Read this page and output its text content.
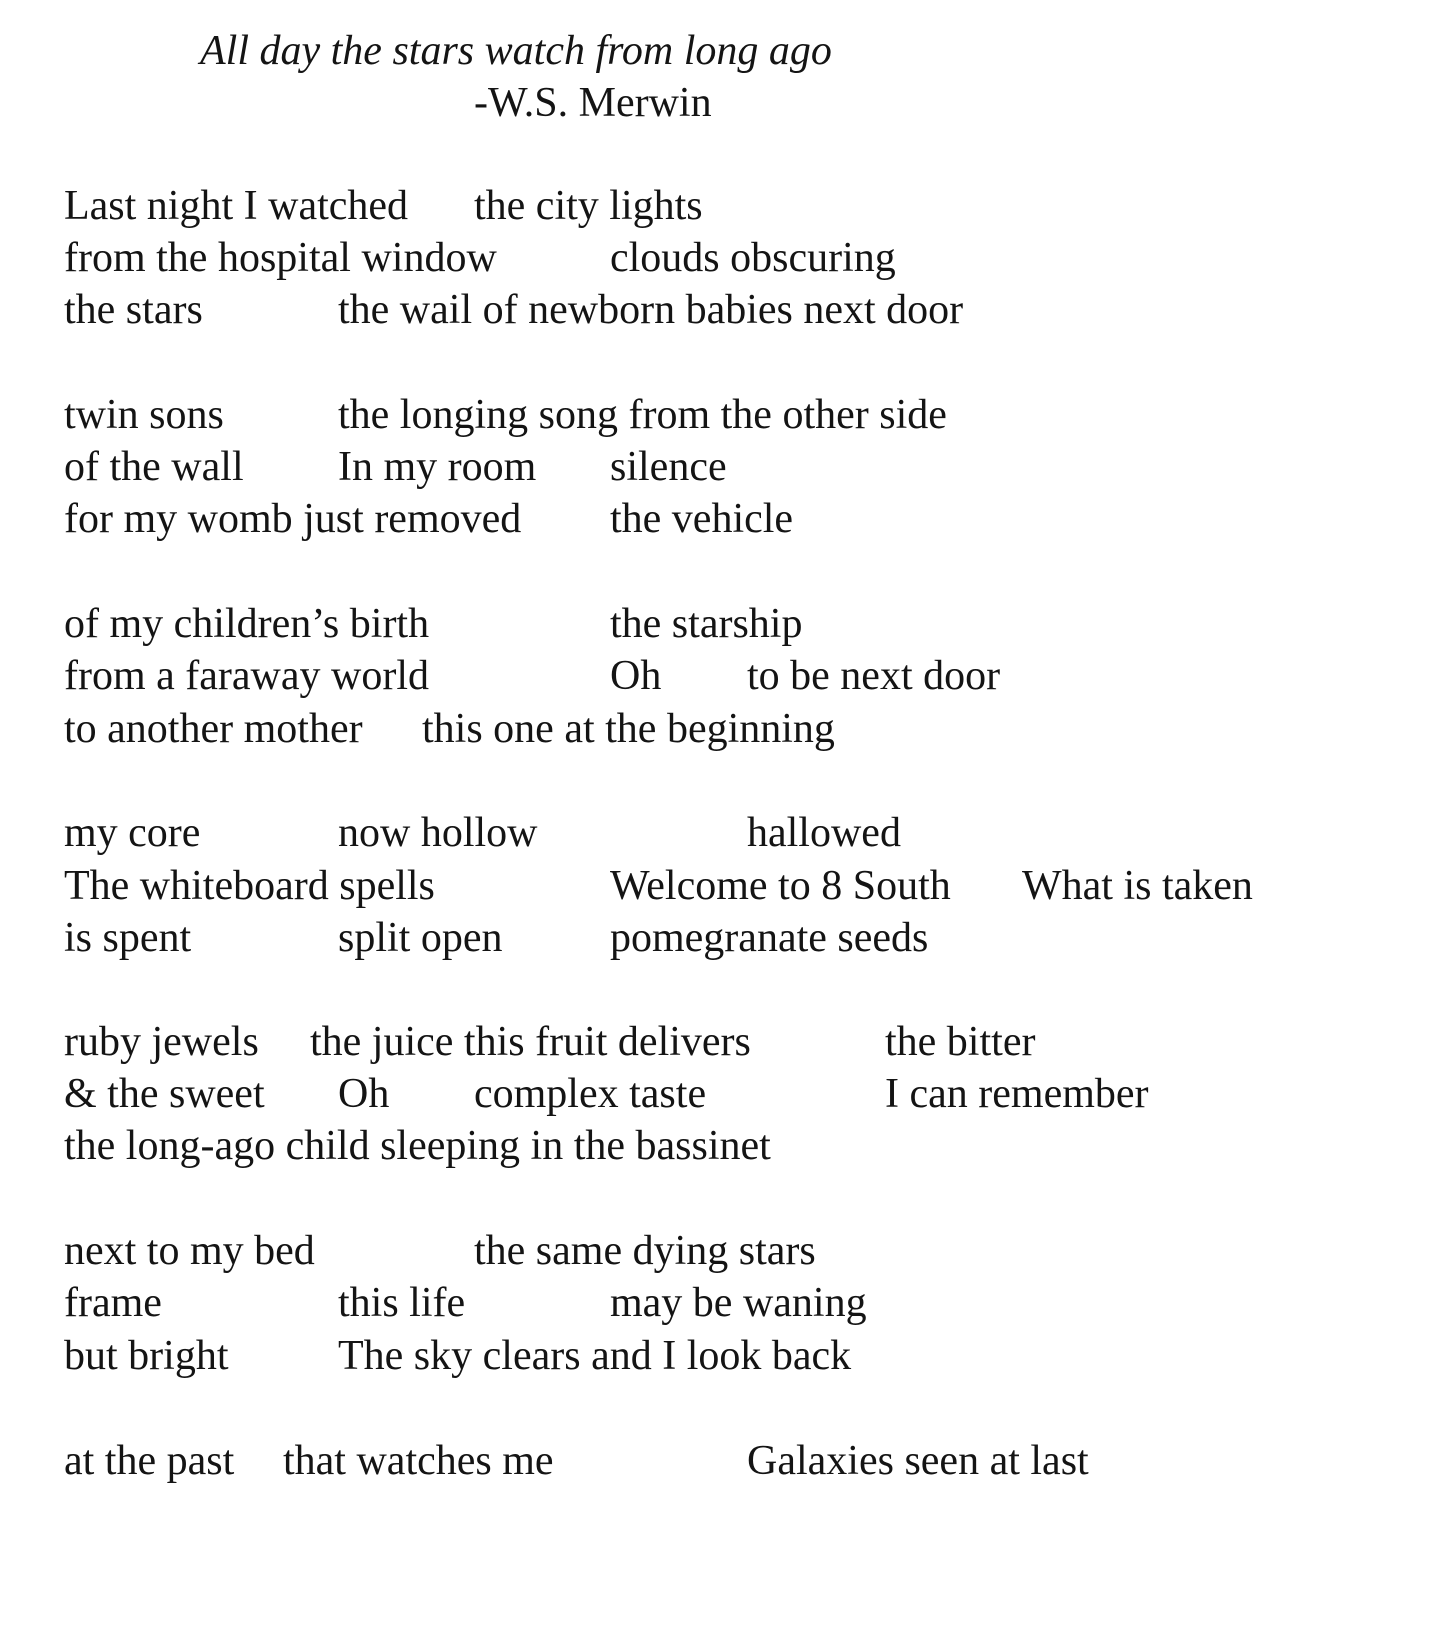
All day the stars watch from long ago
-W.S. Merwin
Last night I watched the city lights
from the hospital window	clouds obscuring
the stars	the wail of newborn babies next door
twin sons	the longing song from the other side
of the wall In my room silence
for my womb just removed the vehicle
of my children’s birth	the starship
from a faraway world	Oh to be next door
to another mother this one at the beginning
my core	now hollow	hallowed
The whiteboard spells	Welcome to 8 South What is taken
is spent	split open	pomegranate seeds
ruby jewels the juice this fruit delivers	the bitter
& the sweet Oh complex taste	I can remember
the long-ago child sleeping in the bassinet
next to my bed	the same dying stars
frame	this life	may be waning
but bright	The sky clears and I look back
at the past that watches me	Galaxies seen at last
